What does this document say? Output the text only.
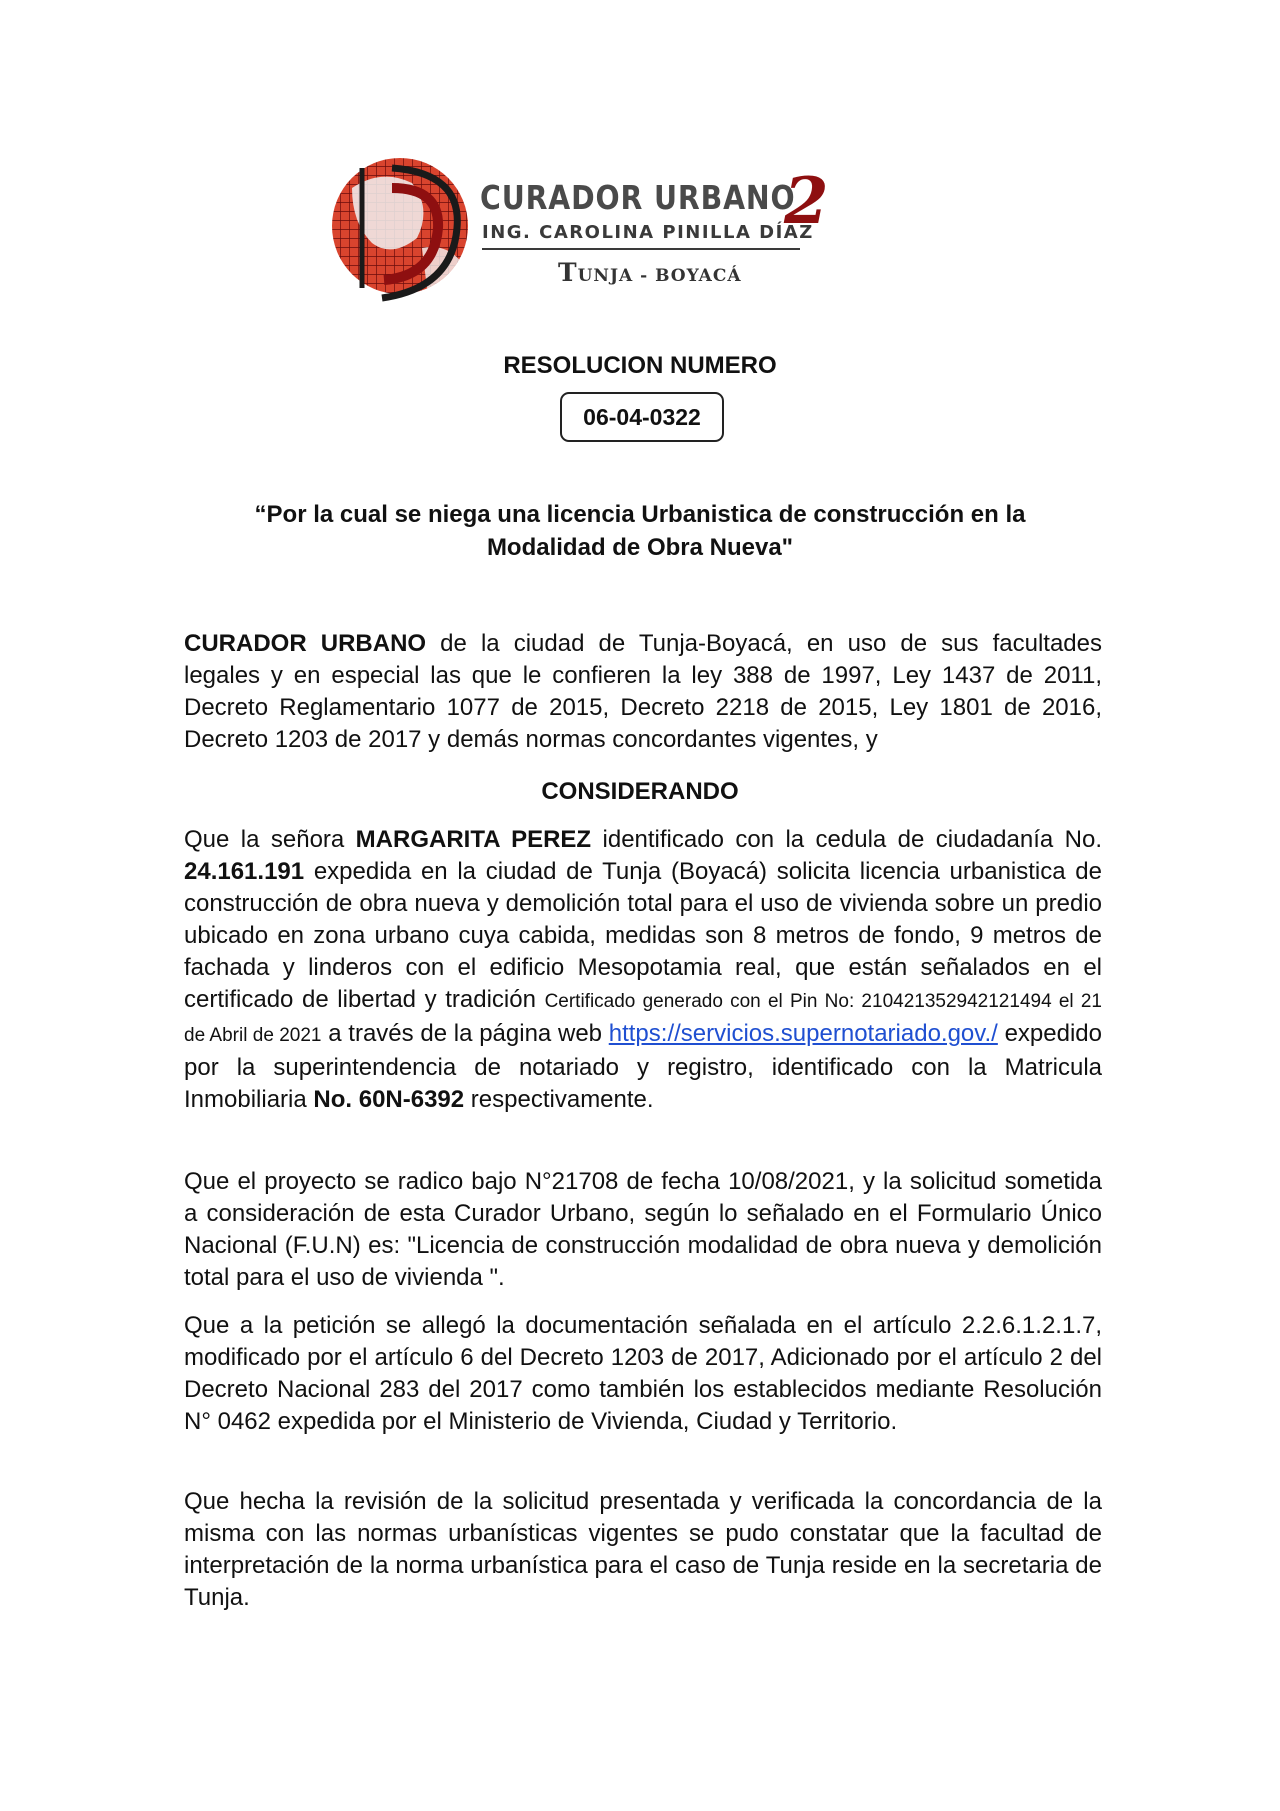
CURADOR URBANO
2
ING. CAROLINA PINILLA DÍAZ
TUNJA - BOYACÁ
RESOLUCION NUMERO
06-04-0322
“Por la cual se niega una licencia Urbanistica de construcción en la Modalidad de Obra Nueva"
CURADOR URBANO de la ciudad de Tunja-Boyacá, en uso de sus facultades legales y en especial las que le confieren la ley 388 de 1997, Ley 1437 de 2011, Decreto Reglamentario 1077 de 2015, Decreto 2218 de 2015, Ley 1801 de 2016, Decreto 1203 de 2017 y demás normas concordantes vigentes, y
CONSIDERANDO
Que la señora MARGARITA PEREZ identificado con la cedula de ciudadanía No. 24.161.191 expedida en la ciudad de Tunja (Boyacá) solicita licencia urbanistica de construcción de obra nueva y demolición total para el uso de vivienda sobre un predio ubicado en zona urbano cuya cabida, medidas son 8 metros de fondo, 9 metros de fachada y linderos con el edificio Mesopotamia real, que están señalados en el certificado de libertad y tradición Certificado generado con el Pin No: 210421352942121494 el 21 de Abril de 2021 a través de la página web https://servicios.supernotariado.gov./ expedido por la superintendencia de notariado y registro, identificado con la Matricula Inmobiliaria No. 60N-6392 respectivamente.
Que el proyecto se radico bajo N°21708 de fecha 10/08/2021, y la solicitud sometida a consideración de esta Curador Urbano, según lo señalado en el Formulario Único Nacional (F.U.N) es: "Licencia de construcción modalidad de obra nueva y demolición total para el uso de vivienda ".
Que a la petición se allegó la documentación señalada en el artículo 2.2.6.1.2.1.7, modificado por el artículo 6 del Decreto 1203 de 2017, Adicionado por el artículo 2 del Decreto Nacional 283 del 2017 como también los establecidos mediante Resolución N° 0462 expedida por el Ministerio de Vivienda, Ciudad y Territorio.
Que hecha la revisión de la solicitud presentada y verificada la concordancia de la misma con las normas urbanísticas vigentes se pudo constatar que la facultad de interpretación de la norma urbanística para el caso de Tunja reside en la secretaria de Tunja.
